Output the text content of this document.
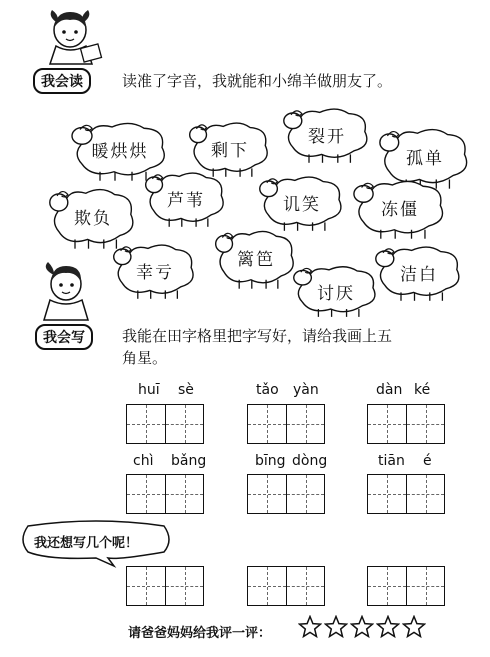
我会读	读准了字音，我就能和小绵羊做朋友了。
暖烘烘	剩下
裂开
孤单
欺负
芦苇	讥笑	冻僵
幸亏
篱笆
讨厌
洁白
我会写	我能在田字格里把字写好，请给我画上五
角星。
huī sè	tǎo yàn	dàn ké
chì bǎng	bīng dòng	tiān é
我还想写几个呢！
请爸爸妈妈给我评一评：
